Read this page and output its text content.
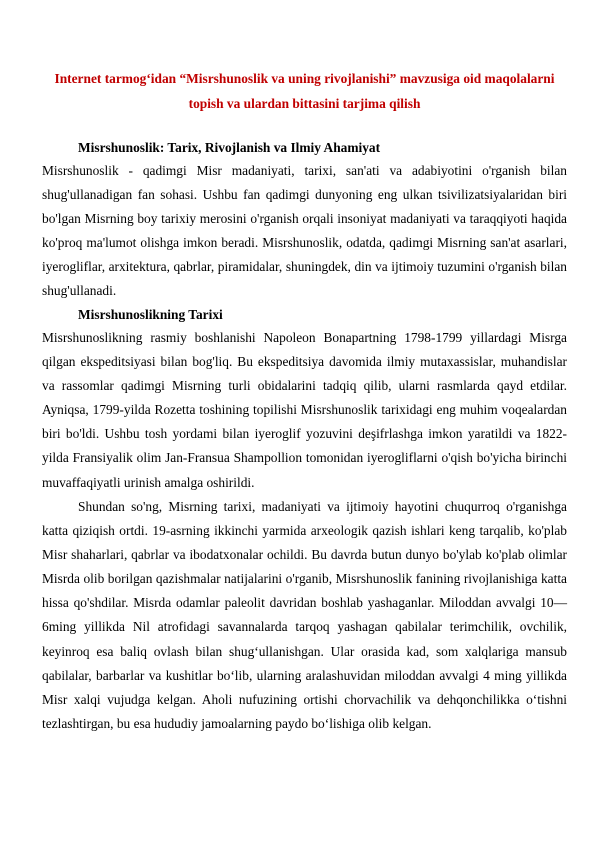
Internet tarmog‘idan “Misrshunoslik va uning rivojlanishi” mavzusiga oid maqolalarni topish va ulardan bittasini tarjima qilish

Misrshunoslik: Tarix, Rivojlanish va Ilmiy Ahamiyat

Misrshunoslik - qadimgi Misr madaniyati, tarixi, san'ati va adabiyotini o'rganish bilan shug'ullanadigan fan sohasi. Ushbu fan qadimgi dunyoning eng ulkan tsivilizatsiyalaridan biri bo'lgan Misrning boy tarixiy merosini o'rganish orqali insoniyat madaniyati va taraqqiyoti haqida ko'proq ma'lumot olishga imkon beradi. Misrshunoslik, odatda, qadimgi Misrning san'at asarlari, iyerogliflar, arxitektura, qabrlar, piramidalar, shuningdek, din va ijtimoiy tuzumini o'rganish bilan shug'ullanadi.

Misrshunoslikning Tarixi

Misrshunoslikning rasmiy boshlanishi Napoleon Bonapartning 1798-1799 yillardagi Misrga qilgan ekspeditsiyasi bilan bog'liq. Bu ekspeditsiya davomida ilmiy mutaxassislar, muhandislar va rassomlar qadimgi Misrning turli obidalarini tadqiq qilib, ularni rasmlarda qayd etdilar. Ayniqsa, 1799-yilda Rozetta toshining topilishi Misrshunoslik tarixidagi eng muhim voqealardan biri bo'ldi. Ushbu tosh yordami bilan iyeroglif yozuvini deşifrlashga imkon yaratildi va 1822-yilda Fransiyalik olim Jan-Fransua Shampollion tomonidan iyerogliflarni o'qish bo'yicha birinchi muvaffaqiyatli urinish amalga oshirildi.

Shundan so'ng, Misrning tarixi, madaniyati va ijtimoiy hayotini chuqurroq o'rganishga katta qiziqish ortdi. 19-asrning ikkinchi yarmida arxeologik qazish ishlari keng tarqalib, ko'plab Misr shaharlari, qabrlar va ibodatxonalar ochildi. Bu davrda butun dunyo bo'ylab ko'plab olimlar Misrda olib borilgan qazishmalar natijalarini o'rganib, Misrshunoslik fanining rivojlanishiga katta hissa qo'shdilar. Misrda odamlar paleolit davridan boshlab yashaganlar. Miloddan avvalgi 10—6ming yillikda Nil atrofidagi savannalarda tarqoq yashagan qabilalar terimchilik, ovchilik, keyinroq esa baliq ovlash bilan shug‘ullanishgan. Ular orasida kad, som xalqlariga mansub qabilalar, barbarlar va kushitlar bo‘lib, ularning aralashuvidan miloddan avvalgi 4 ming yillikda Misr xalqi vujudga kelgan. Aholi nufuzining ortishi chorvachilik va dehqonchilikka o‘tishni tezlashtirgan, bu esa hududiy jamoalarning paydo bo‘lishiga olib kelgan.
